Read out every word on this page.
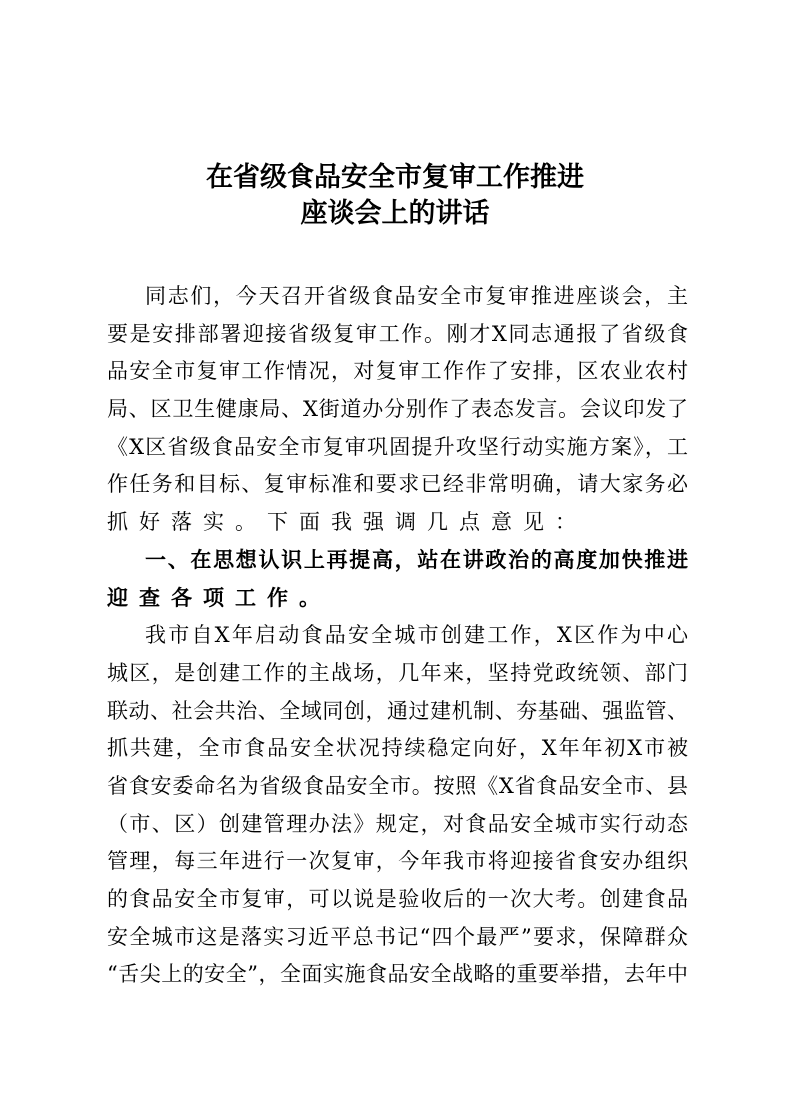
在省级食品安全市复审工作推进
座谈会上的讲话
同志们，今天召开省级食品安全市复审推进座谈会，主
要是安排部署迎接省级复审工作。刚才X同志通报了省级食
品安全市复审工作情况，对复审工作作了安排，区农业农村
局、区卫生健康局、X街道办分别作了表态发言。会议印发了
《X区省级食品安全市复审巩固提升攻坚行动实施方案》，工
作任务和目标、复审标准和要求已经非常明确，请大家务必
抓好落实。下面我强调几点意见：
一、在思想认识上再提高，站在讲政治的高度加快推进
迎查各项工作。
我市自X年启动食品安全城市创建工作，X区作为中心
城区，是创建工作的主战场，几年来，坚持党政统领、部门
联动、社会共治、全域同创，通过建机制、夯基础、强监管、
抓共建，全市食品安全状况持续稳定向好，X年年初X市被
省食安委命名为省级食品安全市。按照《X省食品安全市、县
（市、区）创建管理办法》规定，对食品安全城市实行动态
管理，每三年进行一次复审，今年我市将迎接省食安办组织
的食品安全市复审，可以说是验收后的一次大考。创建食品
安全城市这是落实习近平总书记“四个最严”要求，保障群众
“舌尖上的安全”，全面实施食品安全战略的重要举措，去年中
